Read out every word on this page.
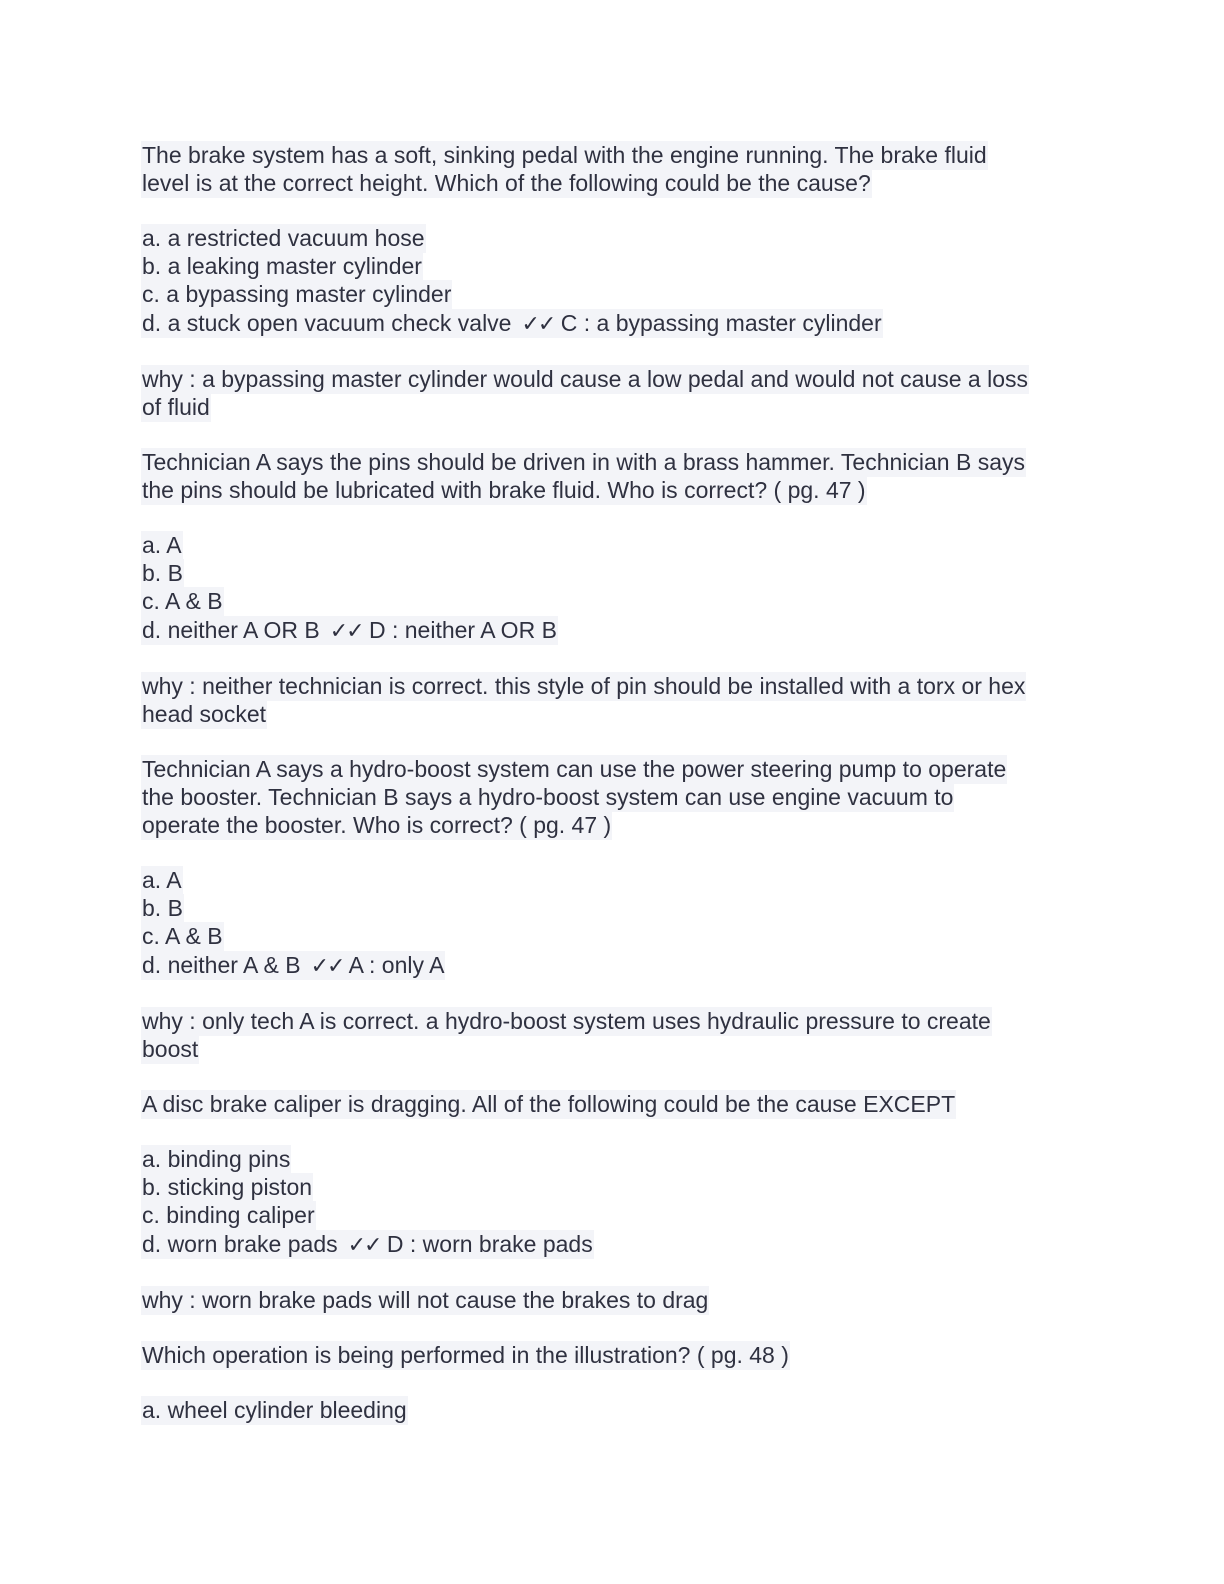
The brake system has a soft, sinking pedal with the engine running. The brake fluid
level is at the correct height. Which of the following could be the cause?
a. a restricted vacuum hose
b. a leaking master cylinder
c. a bypassing master cylinder
d. a stuck open vacuum check valve ✓✓ C : a bypassing master cylinder
why : a bypassing master cylinder would cause a low pedal and would not cause a loss
of fluid
Technician A says the pins should be driven in with a brass hammer. Technician B says
the pins should be lubricated with brake fluid. Who is correct? ( pg. 47 )
a. A
b. B
c. A & B
d. neither A OR B ✓✓ D : neither A OR B
why : neither technician is correct. this style of pin should be installed with a torx or hex
head socket
Technician A says a hydro-boost system can use the power steering pump to operate
the booster. Technician B says a hydro-boost system can use engine vacuum to
operate the booster. Who is correct? ( pg. 47 )
a. A
b. B
c. A & B
d. neither A & B ✓✓ A : only A
why : only tech A is correct. a hydro-boost system uses hydraulic pressure to create
boost
A disc brake caliper is dragging. All of the following could be the cause EXCEPT
a. binding pins
b. sticking piston
c. binding caliper
d. worn brake pads ✓✓ D : worn brake pads
why : worn brake pads will not cause the brakes to drag
Which operation is being performed in the illustration? ( pg. 48 )
a. wheel cylinder bleeding
